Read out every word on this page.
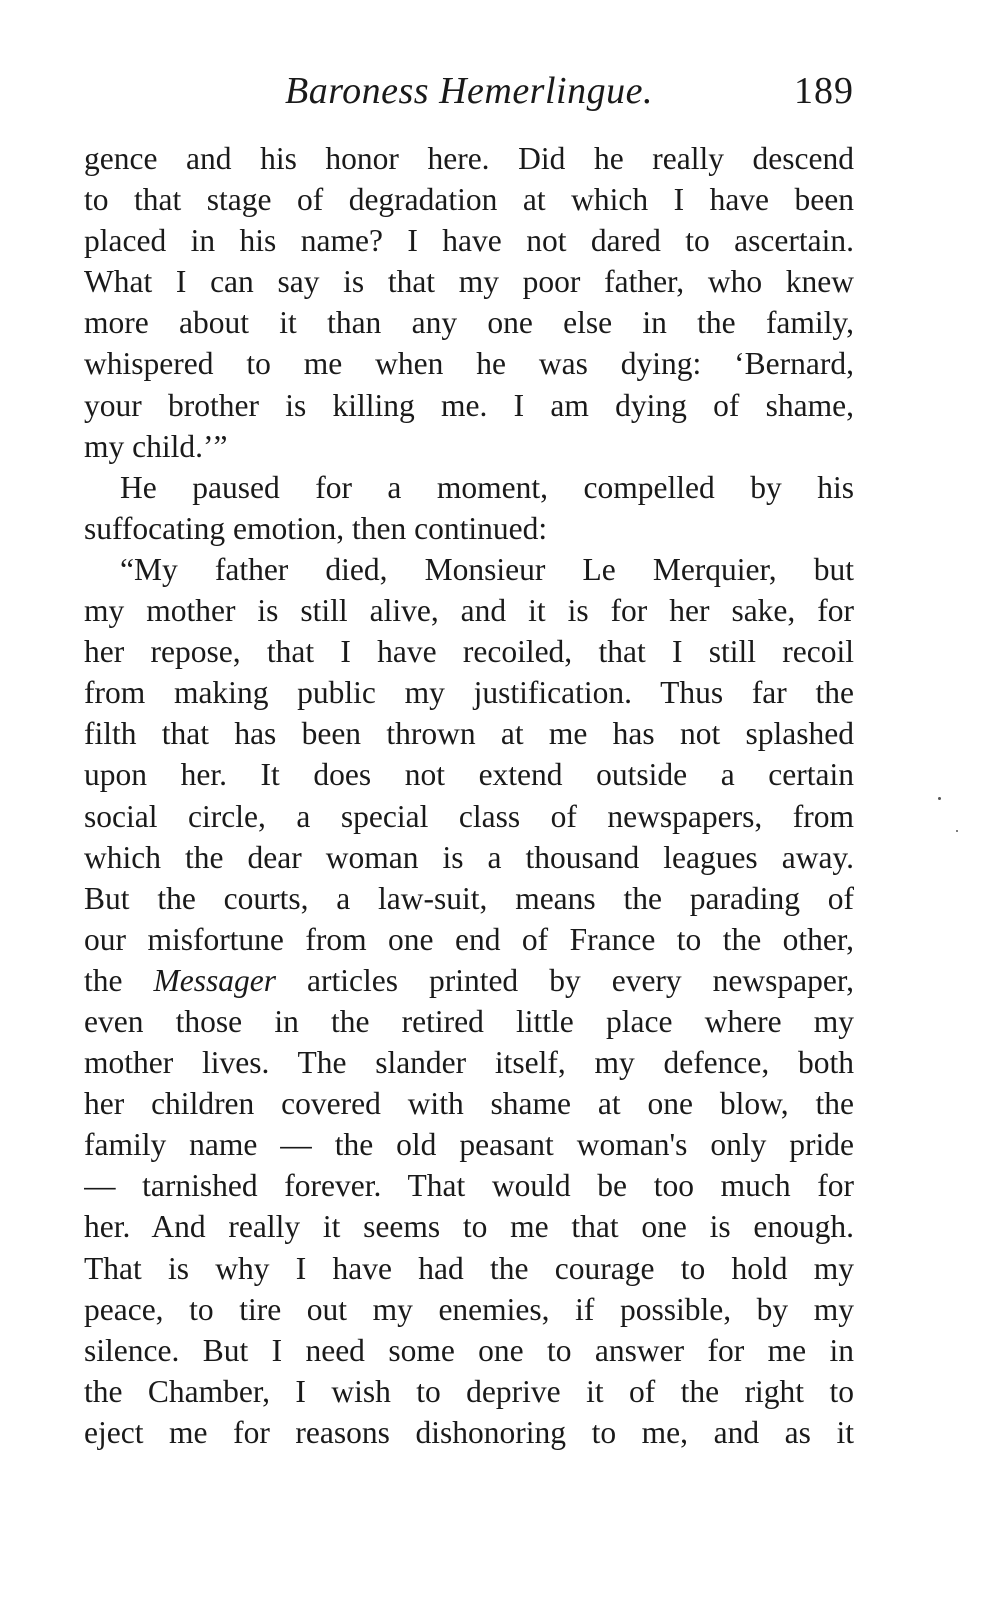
Baroness Hemerlingue.	189
gence and his honor here. Did he really descend
to that stage of degradation at which I have been
placed in his name? I have not dared to ascertain.
What I can say is that my poor father, who knew
more about it than any one else in the family,
whispered to me when he was dying: ‘Bernard,
your brother is killing me. I am dying of shame,
my child.’”
He paused for a moment, compelled by his
suffocating emotion, then continued:
“My father died, Monsieur Le Merquier, but
my mother is still alive, and it is for her sake, for
her repose, that I have recoiled, that I still recoil
from making public my justification. Thus far the
filth that has been thrown at me has not splashed
upon her. It does not extend outside a certain
social circle, a special class of newspapers, from
which the dear woman is a thousand leagues away.
But the courts, a law-suit, means the parading of
our misfortune from one end of France to the other,
the Messager articles printed by every newspaper,
even those in the retired little place where my
mother lives. The slander itself, my defence, both
her children covered with shame at one blow, the
family name — the old peasant woman's only pride
— tarnished forever. That would be too much for
her. And really it seems to me that one is enough.
That is why I have had the courage to hold my
peace, to tire out my enemies, if possible, by my
silence. But I need some one to answer for me in
the Chamber, I wish to deprive it of the right to
eject me for reasons dishonoring to me, and as it
